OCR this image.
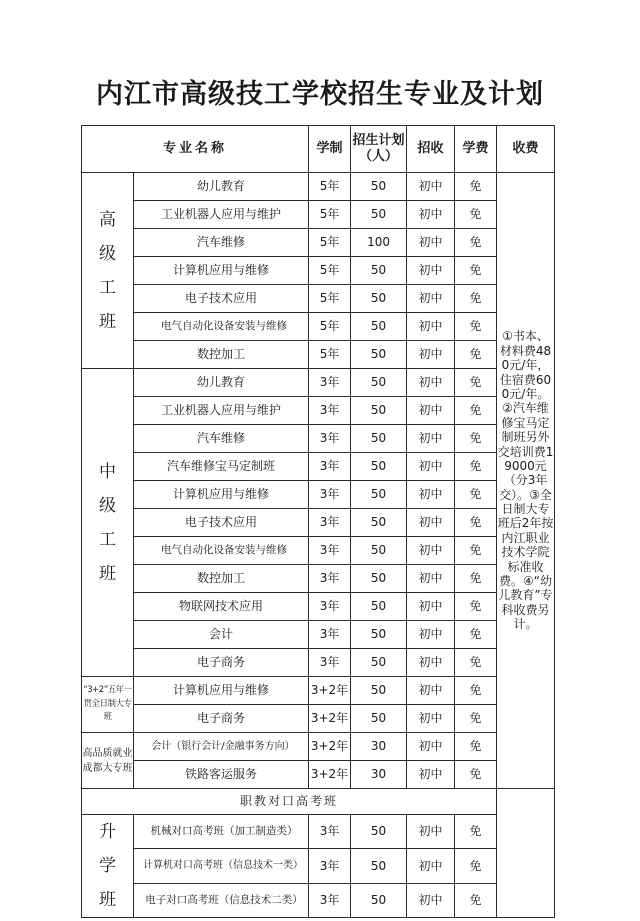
内江市高级技工学校招生专业及计划
专业名称		学制	招生计划（人）	招收	学费	收费

高
级
工
班	幼儿教育	5年	50	初中	免	①书本、材料费480元/年，住宿费600元/年。②汽车维修宝马定制班另外交培训费19000元（分3年交）。③全日制大专班后2年按内江职业技术学院标准收费。④“幼儿教育”专科收费另计。
	工业机器人应用与维护	5年	50	初中	免	
	汽车维修	5年	100	初中	免	
	计算机应用与维修	5年	50	初中	免	
	电子技术应用	5年	50	初中	免	
	电气自动化设备安装与维修	5年	50	初中	免	
	数控加工	5年	50	初中	免	

中
级
工
班	幼儿教育	3年	50	初中	免	
	工业机器人应用与维护	3年	50	初中	免	
	汽车维修	3年	50	初中	免	
	汽车维修宝马定制班	3年	50	初中	免	
	计算机应用与维修	3年	50	初中	免	
	电子技术应用	3年	50	初中	免	
	电气自动化设备安装与维修	3年	50	初中	免	
	数控加工	3年	50	初中	免	
	物联网技术应用	3年	50	初中	免	
	会计	3年	50	初中	免	
	电子商务	3年	50	初中	免	
“3+2”五年一贯全日制大专班	计算机应用与维修	3+2年	50	初中	免	
	电子商务	3+2年	50	初中	免	
高品质就业成都大专班	会计（银行会计/金融事务方向）	3+2年	30	初中	免	
	铁路客运服务	3+2年	30	初中	免	
职教对口高考班						

升
学
班	机械对口高考班（加工制造类）	3年	50	初中	免	
	计算机对口高考班（信息技术一类）	3年	50	初中	免	
	电子对口高考班（信息技术二类）	3年	50	初中	免	
